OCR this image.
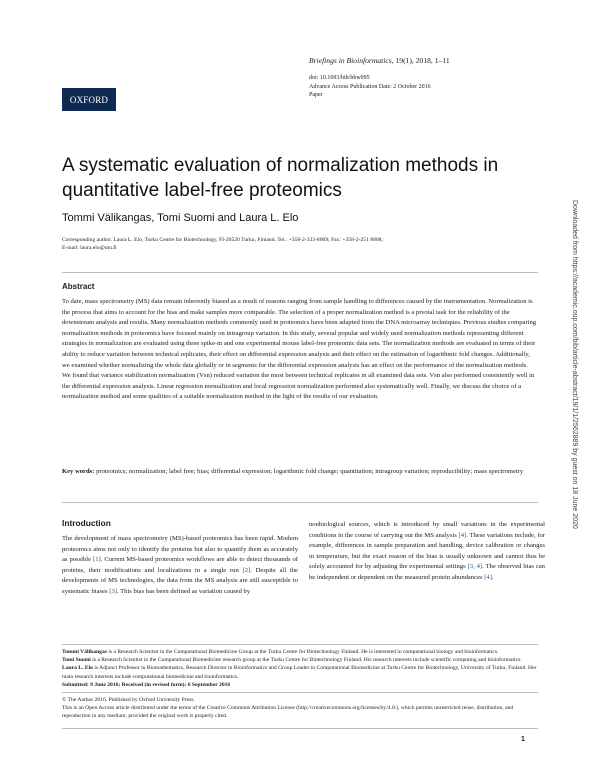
Briefings in Bioinformatics, 19(1), 2018, 1–11
doi: 10.1093/bib/bbw095
Advance Access Publication Date: 2 October 2016
Paper
OXFORD
A systematic evaluation of normalization methods in
quantitative label-free proteomics
Tommi Välikangas, Tomi Suomi and Laura L. Elo
Corresponding author. Laura L. Elo, Turku Centre for Biotechnology, FI-20520 Turku, Finland. Tel.: +358-2-333-8009; Fax: +358-2-251 8808;
E-mail: laura.elo@utu.fi
Abstract
To date, mass spectrometry (MS) data remain inherently biased as a result of reasons ranging from sample handling to differences caused by the instrumentation. Normalization is the process that aims to account for the bias and make samples more comparable. The selection of a proper normalization method is a pivotal task for the reliability of the downstream analysis and results. Many normalization methods commonly used in proteomics have been adapted from the DNA microarray techniques. Previous studies comparing normalization methods in proteomics have focused mainly on intragroup variation. In this study, several popular and widely used normalization methods representing different strategies in normalization are evaluated using three spike-in and one experimental mouse label-free proteomic data sets. The normalization methods are evaluated in terms of their ability to reduce variation between technical replicates, their effect on differential expression analysis and their effect on the estimation of logarithmic fold changes. Additionally, we examined whether normalizing the whole data globally or in segments for the differential expression analysis has an effect on the performance of the normalization methods. We found that variance stabilization normalization (Vsn) reduced variation the most between technical replicates in all examined data sets. Vsn also performed consistently well in the differential expression analysis. Linear regression normalization and local regression normalization performed also systematically well. Finally, we discuss the choice of a normalization method and some qualities of a suitable normalization method in the light of the results of our evaluation.
Key words: proteomics; normalization; label free; bias; differential expression; logarithmic fold change; quantitation; intragroup variation; reproducibility; mass spectrometry
Introduction
The development of mass spectrometry (MS)-based proteomics has been rapid. Modern proteomics aims not only to identify the proteins but also to quantify them as accurately as possible [1]. Current MS-based proteomics workflows are able to detect thousands of proteins, their modifications and localizations in a single run [2]. Despite all the developments of MS technologies, the data from the MS analysis are still susceptible to systematic biases [3]. This bias has been defined as variation caused by
nonbiological sources, which is introduced by small variations in the experimental conditions in the course of carrying out the MS analysis [4]. These variations include, for example, differences in sample preparation and handling, device calibration or changes in temperature, but the exact reason of the bias is usually unknown and cannot thus be solely accounted for by adjusting the experimental settings [3, 4]. The observed bias can be independent or dependent on the measured protein abundances [4].

Tommi Välikangas is a Research Scientist in the Computational Biomedicine Group at the Turku Centre for Biotechnology Finland. He is interested in computational biology and bioinformatics.

Tomi Suomi is a Research Scientist in the Computational Biomedicine research group at the Turku Centre for Biotechnology Finland. His research interests include scientific computing and bioinformatics.

Laura L. Elo is Adjunct Professor in Biomathematics, Research Director in Bioinformatics and Group Leader in Computational Biomedicine at Turku Centre for Biotechnology, University of Turku, Finland. Her main research interests include computational biomedicine and bioinformatics.

Submitted: 9 June 2016; Received (in revised form): 6 September 2016

© The Author 2016. Published by Oxford University Press.

This is an Open Access article distributed under the terms of the Creative Commons Attribution License (http://creativecommons.org/licenses/by/4.0/), which permits unrestricted reuse, distribution, and reproduction in any medium, provided the original work is properly cited.

1
Downloaded from https://academic.oup.com/bib/article-abstract/19/1/1/2562889 by guest on 18 June 2020
